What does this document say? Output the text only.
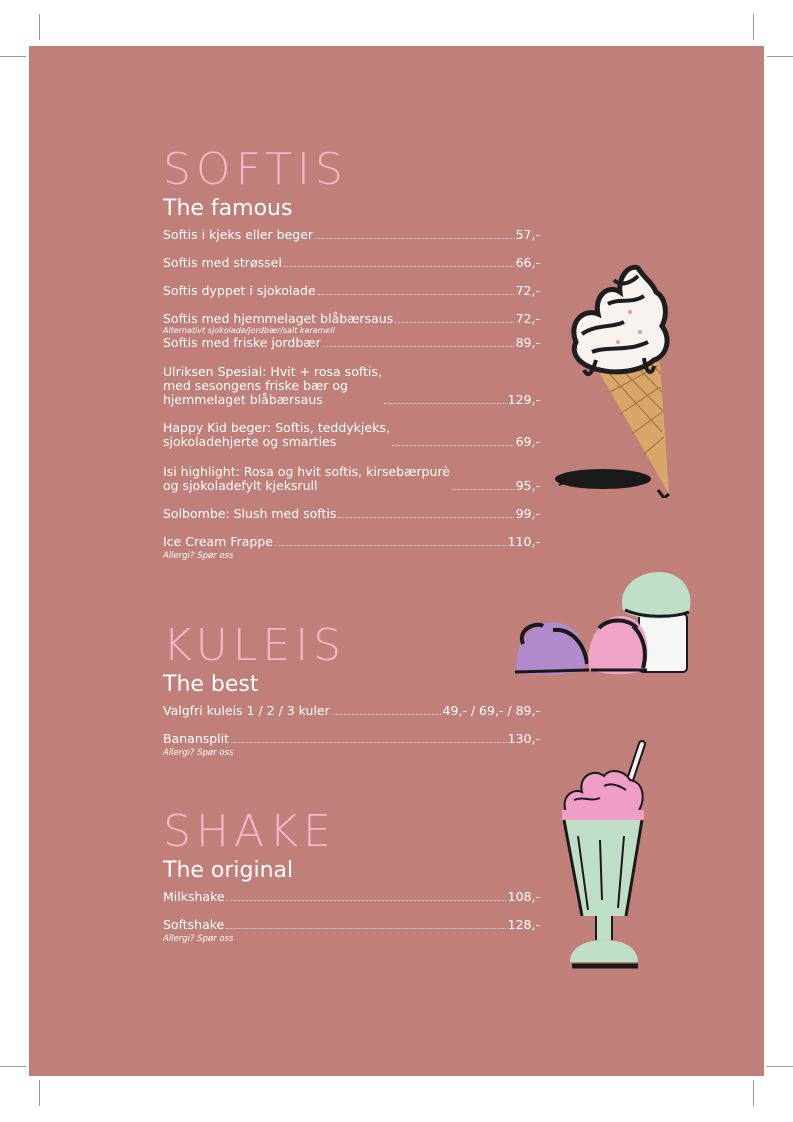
SOFTIS
The famous
Softis i kjeks eller beger	57,-
Softis med strøssel	66,-
Softis dyppet i sjokolade	72,-
Softis med hjemmelaget blåbærsaus	72,-
Alternativt sjokolade/jordbær/salt karamell
Softis med friske jordbær	89,-
Ulriksen Spesial: Hvit + rosa softis,
med sesongens friske bær og
hjemmelaget blåbærsaus	129,-
Happy Kid beger: Softis, teddykjeks,
sjokoladehjerte og smarties	69,-
Isi highlight: Rosa og hvit softis, kirsebærpurè
og sjokoladefylt kjeksrull	95,-
Solbombe: Slush med softis	99,-
Ice Cream Frappe	110,-
Allergi? Spør oss
KULEIS
The best
Valgfri kuleis 1 / 2 / 3 kuler	49,- / 69,- / 89,-
Banansplit	130,-
Allergi? Spør oss
SHAKE
The original
Milkshake	108,-
Softshake	128,-
Allergi? Spør oss
